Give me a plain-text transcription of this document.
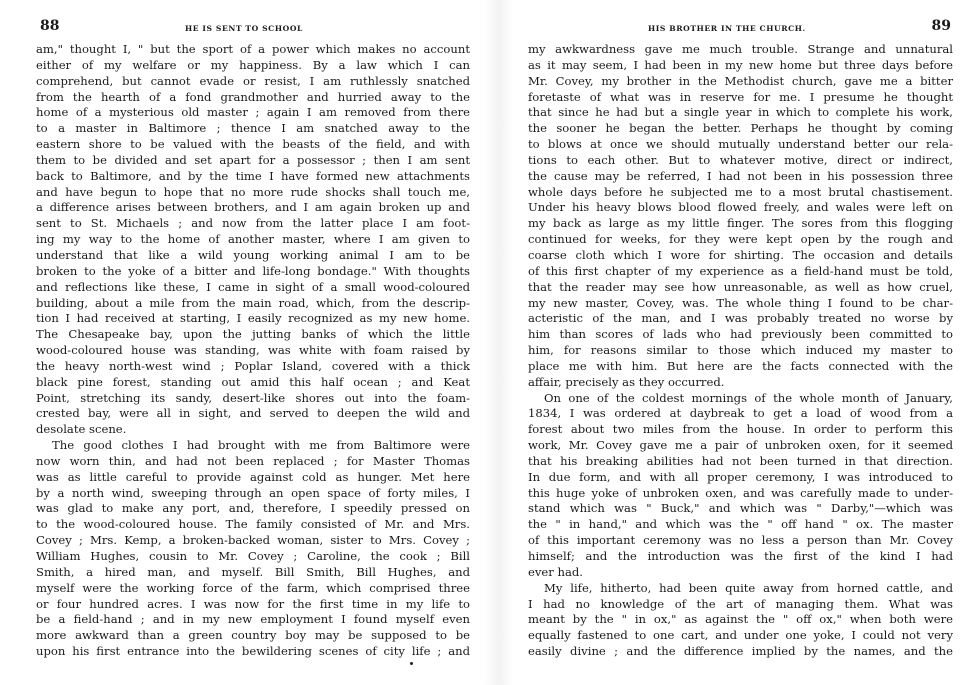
88	HE IS SENT TO SCHOOL
am," thought I, " but the sport of a power which makes no account
either of my welfare or my happiness. By a law which I can
comprehend, but cannot evade or resist, I am ruthlessly snatched
from the hearth of a fond grandmother and hurried away to the
home of a mysterious old master ; again I am removed from there
to a master in Baltimore ; thence I am snatched away to the
eastern shore to be valued with the beasts of the field, and with
them to be divided and set apart for a possessor ; then I am sent
back to Baltimore, and by the time I have formed new attachments
and have begun to hope that no more rude shocks shall touch me,
a difference arises between brothers, and I am again broken up and
sent to St. Michaels ; and now from the latter place I am foot-
ing my way to the home of another master, where I am given to
understand that like a wild young working animal I am to be
broken to the yoke of a bitter and life-long bondage." With thoughts
and reflections like these, I came in sight of a small wood-coloured
building, about a mile from the main road, which, from the descrip-
tion I had received at starting, I easily recognized as my new home.
The Chesapeake bay, upon the jutting banks of which the little
wood-coloured house was standing, was white with foam raised by
the heavy north-west wind ; Poplar Island, covered with a thick
black pine forest, standing out amid this half ocean ; and Keat
Point, stretching its sandy, desert-like shores out into the foam-
crested bay, were all in sight, and served to deepen the wild and
desolate scene.
The good clothes I had brought with me from Baltimore were
now worn thin, and had not been replaced ; for Master Thomas
was as little careful to provide against cold as hunger. Met here
by a north wind, sweeping through an open space of forty miles, I
was glad to make any port, and, therefore, I speedily pressed on
to the wood-coloured house. The family consisted of Mr. and Mrs.
Covey ; Mrs. Kemp, a broken-backed woman, sister to Mrs. Covey ;
William Hughes, cousin to Mr. Covey ; Caroline, the cook ; Bill
Smith, a hired man, and myself. Bill Smith, Bill Hughes, and
myself were the working force of the farm, which comprised three
or four hundred acres. I was now for the first time in my life to
be a field-hand ; and in my new employment I found myself even
more awkward than a green country boy may be supposed to be
upon his first entrance into the bewildering scenes of city life ; and
HIS BROTHER IN THE CHURCH.	89
my awkwardness gave me much trouble. Strange and unnatural
as it may seem, I had been in my new home but three days before
Mr. Covey, my brother in the Methodist church, gave me a bitter
foretaste of what was in reserve for me. I presume he thought
that since he had but a single year in which to complete his work,
the sooner he began the better. Perhaps he thought by coming
to blows at once we should mutually understand better our rela-
tions to each other. But to whatever motive, direct or indirect,
the cause may be referred, I had not been in his possession three
whole days before he subjected me to a most brutal chastisement.
Under his heavy blows blood flowed freely, and wales were left on
my back as large as my little finger. The sores from this flogging
continued for weeks, for they were kept open by the rough and
coarse cloth which I wore for shirting. The occasion and details
of this first chapter of my experience as a field-hand must be told,
that the reader may see how unreasonable, as well as how cruel,
my new master, Covey, was. The whole thing I found to be char-
acteristic of the man, and I was probably treated no worse by
him than scores of lads who had previously been committed to
him, for reasons similar to those which induced my master to
place me with him. But here are the facts connected with the
affair, precisely as they occurred.
On one of the coldest mornings of the whole month of January,
1834, I was ordered at daybreak to get a load of wood from a
forest about two miles from the house. In order to perform this
work, Mr. Covey gave me a pair of unbroken oxen, for it seemed
that his breaking abilities had not been turned in that direction.
In due form, and with all proper ceremony, I was introduced to
this huge yoke of unbroken oxen, and was carefully made to under-
stand which was " Buck," and which was " Darby,"—which was
the " in hand," and which was the " off hand " ox. The master
of this important ceremony was no less a person than Mr. Covey
himself; and the introduction was the first of the kind I had
ever had.
My life, hitherto, had been quite away from horned cattle, and
I had no knowledge of the art of managing them. What was
meant by the " in ox," as against the " off ox," when both were
equally fastened to one cart, and under one yoke, I could not very
easily divine ; and the difference implied by the names, and the
